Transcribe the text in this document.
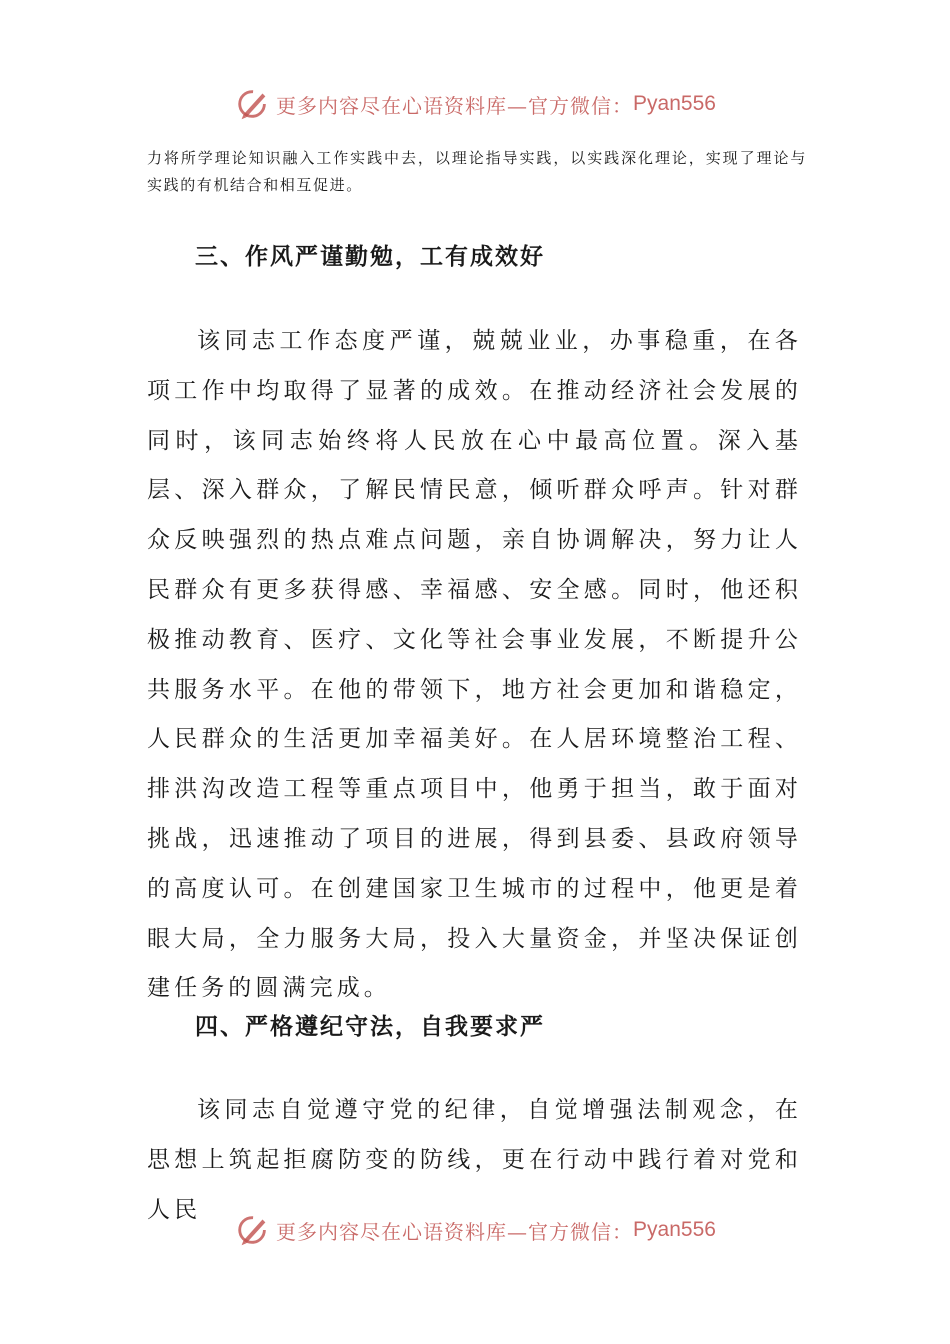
更多内容尽在心语资料库—官方微信： Pyan556
力将所学理论知识融入工作实践中去，以理论指导实践，以实践深化理论，实现了理论与实践的有机结合和相互促进。
三、作风严谨勤勉，工有成效好

该同志工作态度严谨，兢兢业业，办事稳重，在各项工作中均取得了显著的成效。在推动经济社会发展的同时，该同志始终将人民放在心中最高位置。深入基层、深入群众，了解民情民意，倾听群众呼声。针对群众反映强烈的热点难点问题，亲自协调解决，努力让人民群众有更多获得感、幸福感、安全感。同时，他还积极推动教育、医疗、文化等社会事业发展，不断提升公共服务水平。在他的带领下，地方社会更加和谐稳定，人民群众的生活更加幸福美好。在人居环境整治工程、排洪沟改造工程等重点项目中，他勇于担当，敢于面对挑战，迅速推动了项目的进展，得到县委、县政府领导的高度认可。在创建国家卫生城市的过程中，他更是着眼大局，全力服务大局，投入大量资金，并坚决保证创建任务的圆满完成。

四、严格遵纪守法，自我要求严

该同志自觉遵守党的纪律，自觉增强法制观念，在思想上筑起拒腐防变的防线，更在行动中践行着对党和人民

更多内容尽在心语资料库—官方微信： Pyan556
